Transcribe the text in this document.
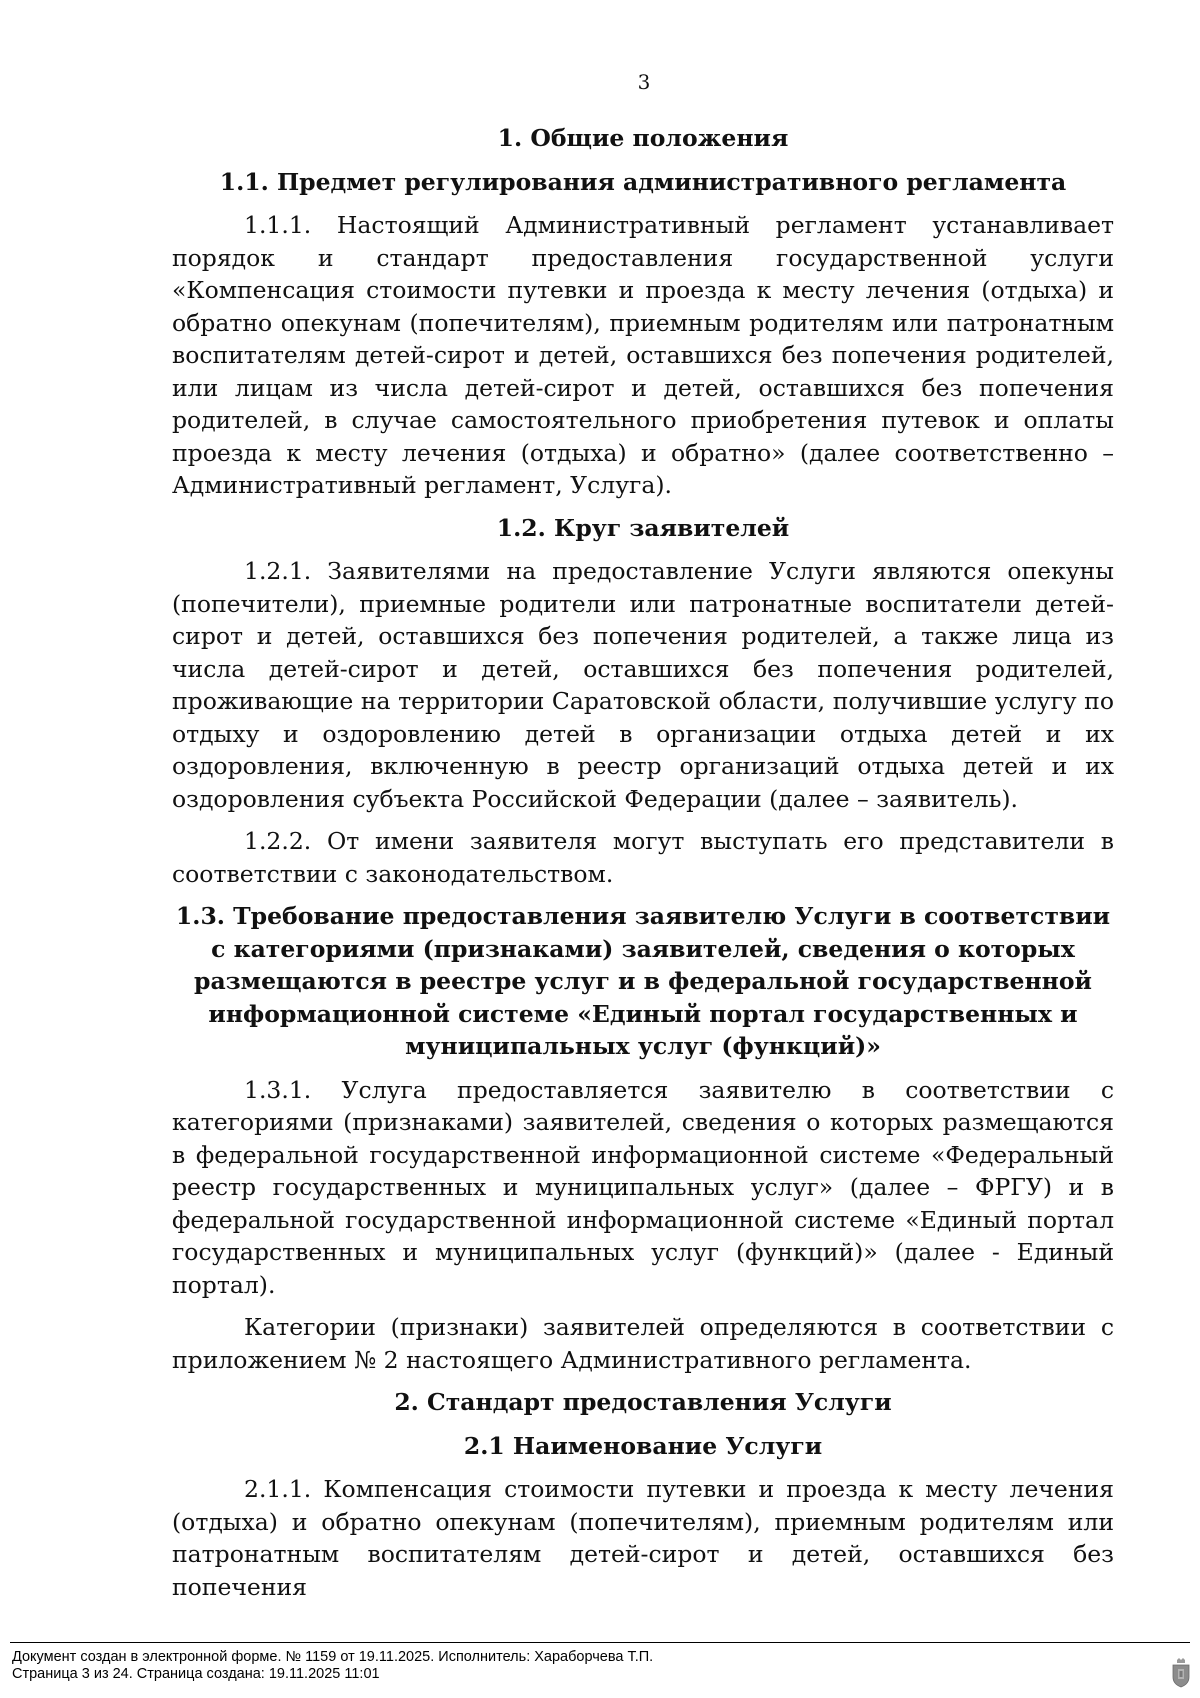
3

1. Общие положения

1.1. Предмет регулирования административного регламента

1.1.1. Настоящий Административный регламент устанавливает порядок и стандарт предоставления государственной услуги «Компенсация стоимости путевки и проезда к месту лечения (отдыха) и обратно опекунам (попечителям), приемным родителям или патронатным воспитателям детей-сирот и детей, оставшихся без попечения родителей, или лицам из числа детей-сирот и детей, оставшихся без попечения родителей, в случае самостоятельного приобретения путевок и оплаты проезда к месту лечения (отдыха) и обратно» (далее соответственно – Административный регламент, Услуга).

1.2. Круг заявителей

1.2.1. Заявителями на предоставление Услуги являются опекуны (попечители), приемные родители или патронатные воспитатели детей-сирот и детей, оставшихся без попечения родителей, а также лица из числа детей-сирот и детей, оставшихся без попечения родителей, проживающие на территории Саратовской области, получившие услугу по отдыху и оздоровлению детей в организации отдыха детей и их оздоровления, включенную в реестр организаций отдыха детей и их оздоровления субъекта Российской Федерации (далее – заявитель).

1.2.2. От имени заявителя могут выступать его представители в соответствии с законодательством.

1.3. Требование предоставления заявителю Услуги в соответствии

с категориями (признаками) заявителей, сведения о которых

размещаются в реестре услуг и в федеральной государственной

информационной системе «Единый портал государственных и

муниципальных услуг (функций)»

1.3.1. Услуга предоставляется заявителю в соответствии с категориями (признаками) заявителей, сведения о которых размещаются в федеральной государственной информационной системе «Федеральный реестр государственных и муниципальных услуг» (далее – ФРГУ) и в федеральной государственной информационной системе «Единый портал государственных и муниципальных услуг (функций)» (далее - Единый портал).

Категории (признаки) заявителей определяются в соответствии с приложением № 2 настоящего Административного регламента.

2. Стандарт предоставления Услуги

2.1 Наименование Услуги

2.1.1. Компенсация стоимости путевки и проезда к месту лечения (отдыха) и обратно опекунам (попечителям), приемным родителям или патронатным воспитателям детей-сирот и детей, оставшихся без попечения

Документ создан в электронной форме. № 1159 от 19.11.2025. Исполнитель: Хараборчева Т.П.
Страница 3 из 24. Страница создана: 19.11.2025 11:01
